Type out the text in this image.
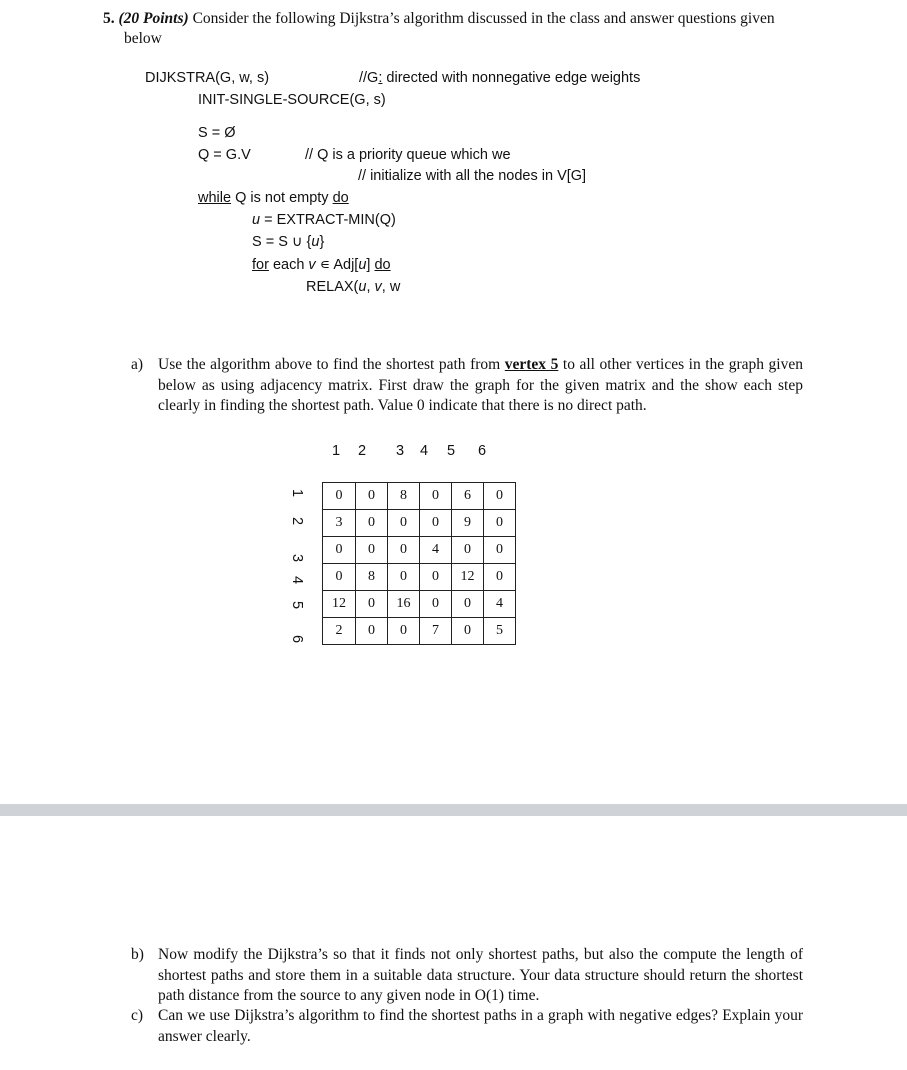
5. (20 Points) Consider the following Dijkstra’s algorithm discussed in the class and answer questions given
below
DIJKSTRA(G, w, s)	//G: directed with nonnegative edge weights
INIT-SINGLE-SOURCE(G, s)
S = Ø
Q = G.V	// Q is a priority queue which we
// initialize with all the nodes in V[G]
while Q is not empty do
u = EXTRACT-MIN(Q)
S = S ∪ {u}
for each v ∊ Adj[u] do
RELAX(u, v, w
a) Use the algorithm above to find the shortest path from vertex 5 to all other vertices in the graph given below as using adjacency matrix. First draw the graph for the given matrix and the show each step clearly in finding the shortest path. Value 0 indicate that there is no direct path.
1 2 3 4 5 6
1
2
3
4
5
6
0	0	8	0	6	0
3	0	0	0	9	0
0	0	0	4	0	0
0	8	0	0	12	0
12	0	16	0	0	4
2	0	0	7	0	5
b) Now modify the Dijkstra’s so that it finds not only shortest paths, but also the compute the length of shortest paths and store them in a suitable data structure. Your data structure should return the shortest path distance from the source to any given node in O(1) time.
c) Can we use Dijkstra’s algorithm to find the shortest paths in a graph with negative edges? Explain your answer clearly.
